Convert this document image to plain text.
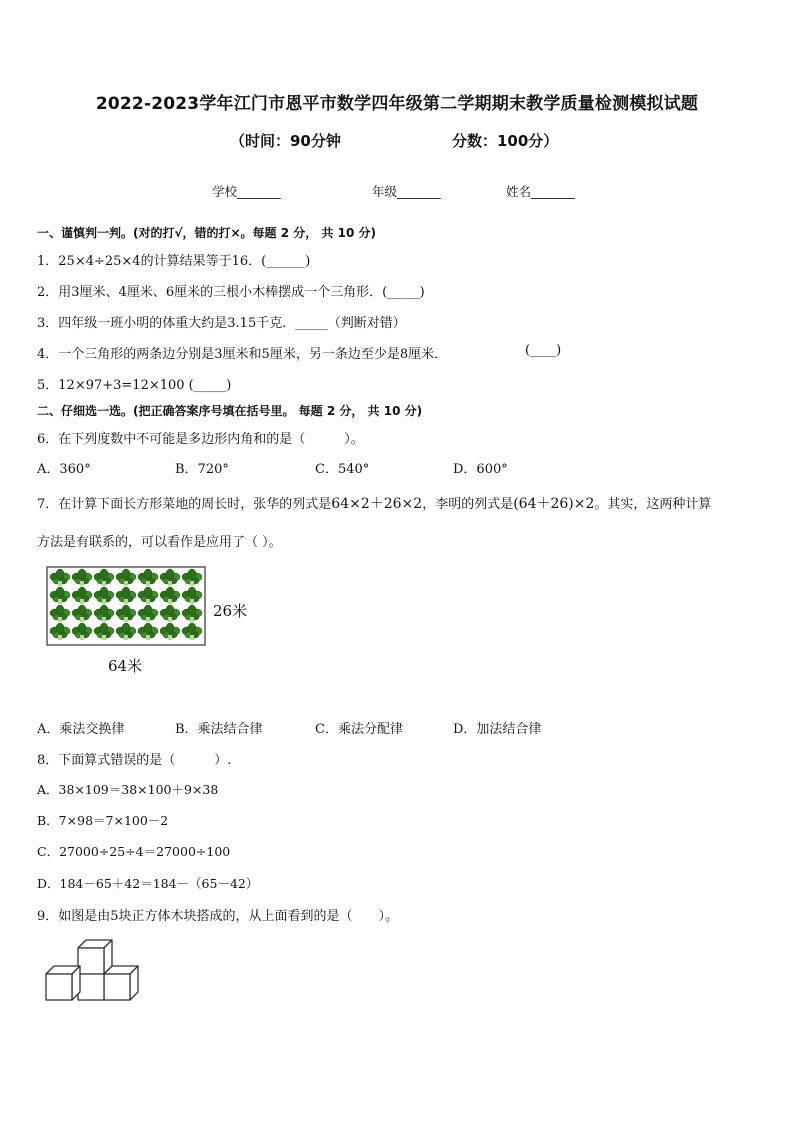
2022-2023学年江门市恩平市数学四年级第二学期期末教学质量检测模拟试题
（时间：90分钟	分数：100分）
学校_______	年级_______	姓名_______
一、谨慎判一判。(对的打√，错的打×。每题 2 分， 共 10 分)
1．25×4÷25×4的计算结果等于16．(______)
2．用3厘米、4厘米、6厘米的三根小木棒摆成一个三角形．(_____)
3．四年级一班小明的体重大约是3.15千克．_____（判断对错）
4．一个三角形的两条边分别是3厘米和5厘米，另一条边至少是8厘米．	(____)
5．12×97+3=12×100 (_____)
二、仔细选一选。(把正确答案序号填在括号里。 每题 2 分， 共 10 分)
6．在下列度数中不可能是多边形内角和的是（　　　）。
A．360°	B．720°	C．540°	D．600°
7．在计算下面长方形菜地的周长时，张华的列式是64×2＋26×2，李明的列式是(64＋26)×2。其实，这两种计算
方法是有联系的，可以看作是应用了（ ）。
26米
64米
A．乘法交换律	B．乘法结合律	C．乘法分配律	D．加法结合律
8．下面算式错误的是（　　　）.
A．38×109＝38×100＋9×38
B．7×98＝7×100－2
C．27000÷25÷4＝27000÷100
D．184－65＋42＝184－（65－42）
9．如图是由5块正方体木块搭成的，从上面看到的是（　　）。
